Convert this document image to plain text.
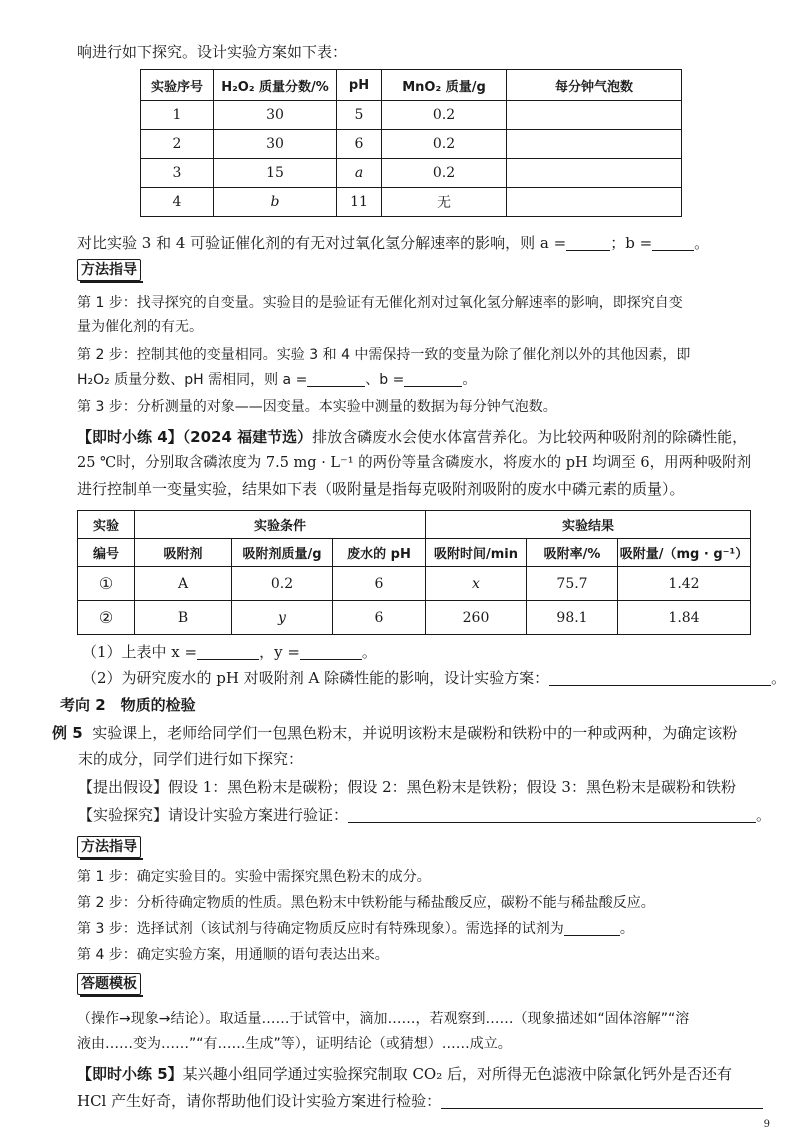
响进行如下探究。设计实验方案如下表：
实验序号	H₂O₂ 质量分数/%	pH	MnO₂ 质量/g	每分钟气泡数
1	30	5	0.2	
2	30	6	0.2	
3	15	a	0.2	
4	b	11	无	
对比实验 3 和 4 可验证催化剂的有无对过氧化氢分解速率的影响，则 a =	；b =	。
方法指导
第 1 步：找寻探究的自变量。实验目的是验证有无催化剂对过氧化氢分解速率的影响，即探究自变
量为催化剂的有无。
第 2 步：控制其他的变量相同。实验 3 和 4 中需保持一致的变量为除了催化剂以外的其他因素，即
H₂O₂ 质量分数、pH 需相同，则 a =	、b =	。
第 3 步：分析测量的对象——因变量。本实验中测量的数据为每分钟气泡数。
【即时小练 4】（2024 福建节选）排放含磷废水会使水体富营养化。为比较两种吸附剂的除磷性能，
25 ℃时，分别取含磷浓度为 7.5 mg · L⁻¹ 的两份等量含磷废水，将废水的 pH 均调至 6，用两种吸附剂
进行控制单一变量实验，结果如下表（吸附量是指每克吸附剂吸附的废水中磷元素的质量）。
实验	实验条件			实验结果		
编号	吸附剂	吸附剂质量/g	废水的 pH	吸附时间/min	吸附率/%	吸附量/（mg · g⁻¹）
①	A	0.2	6	x	75.7	1.42
②	B	y	6	260	98.1	1.84
（1）上表中 x =	，y =	。
（2）为研究废水的 pH 对吸附剂 A 除磷性能的影响，设计实验方案：	。
考向 2　物质的检验
例 5 实验课上，老师给同学们一包黑色粉末，并说明该粉末是碳粉和铁粉中的一种或两种，为确定该粉
末的成分，同学们进行如下探究：
【提出假设】假设 1：黑色粉末是碳粉；假设 2：黑色粉末是铁粉；假设 3：黑色粉末是碳粉和铁粉
【实验探究】请设计实验方案进行验证：	。
方法指导
第 1 步：确定实验目的。实验中需探究黑色粉末的成分。
第 2 步：分析待确定物质的性质。黑色粉末中铁粉能与稀盐酸反应，碳粉不能与稀盐酸反应。
第 3 步：选择试剂（该试剂与待确定物质反应时有特殊现象）。需选择的试剂为	。
第 4 步：确定实验方案，用通顺的语句表达出来。
答题模板
（操作→现象→结论）。取适量……于试管中，滴加……，若观察到……（现象描述如“固体溶解”“溶
液由……变为……”“有……生成”等），证明结论（或猜想）……成立。
【即时小练 5】某兴趣小组同学通过实验探究制取 CO₂ 后，对所得无色滤液中除氯化钙外是否还有
HCl 产生好奇，请你帮助他们设计实验方案进行检验：
9
